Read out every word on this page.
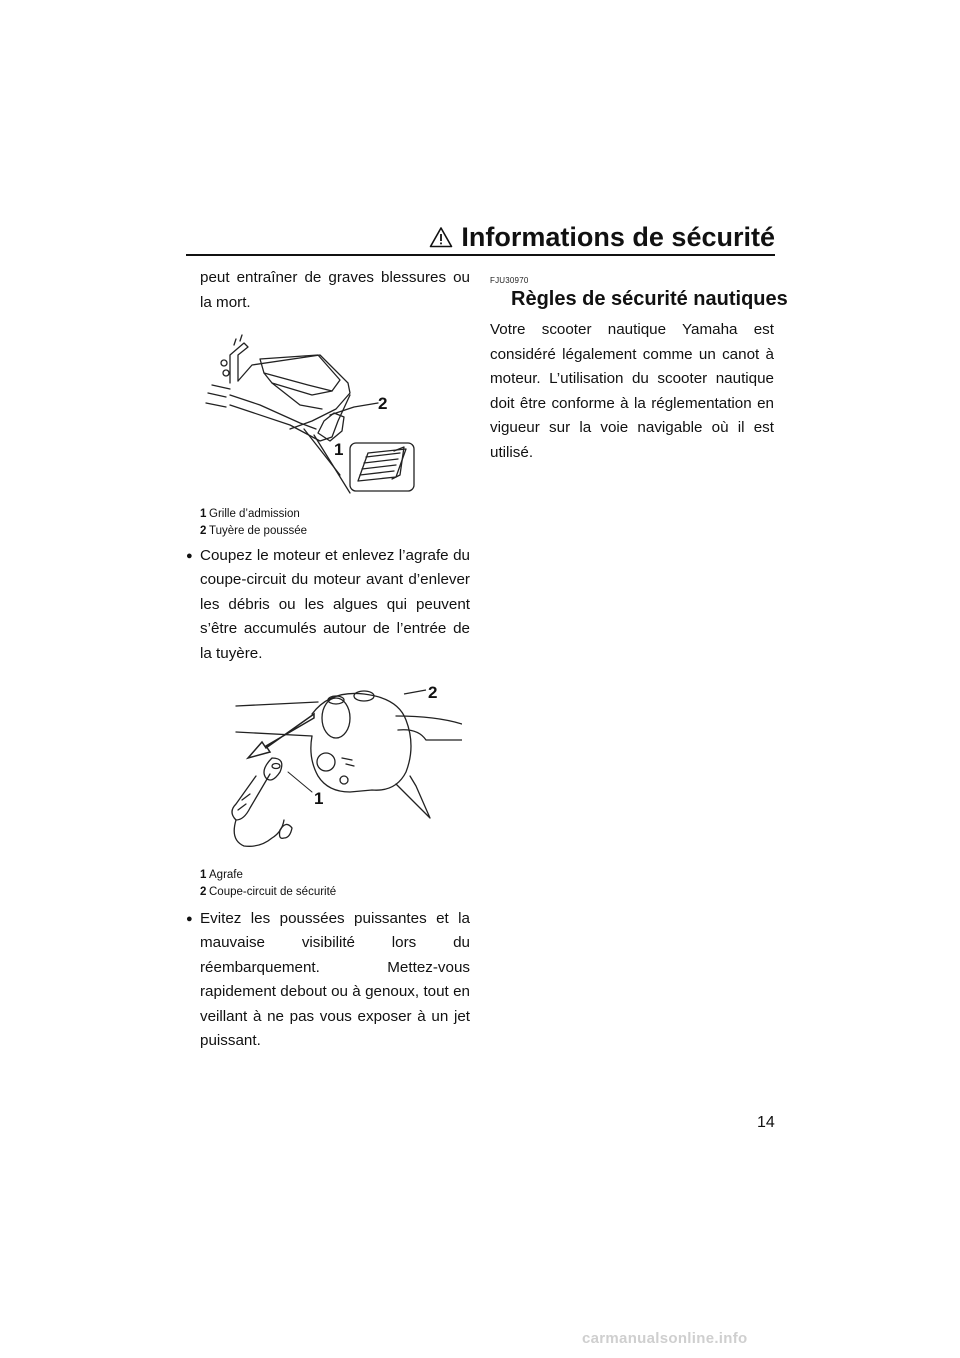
Informations de sécurité
peut entraîner de graves blessures ou la mort.
2
1
1 Grille d’admission
2 Tuyère de poussée
● Coupez le moteur et enlevez l’agrafe du coupe-circuit du moteur avant d’enlever les débris ou les algues qui peuvent s’être accumulés autour de l’entrée de la tuyère.
2
1
1 Agrafe
2 Coupe-circuit de sécurité
● Evitez les poussées puissantes et la mauvaise visibilité lors du réembarquement. Mettez-vous rapidement debout ou à genoux, tout en veillant à ne pas vous exposer à un jet puissant.
FJU30970
Règles de sécurité nautiques
Votre scooter nautique Yamaha est considéré légalement comme un canot à moteur. L’utilisation du scooter nautique doit être conforme à la réglementation en vigueur sur la voie navigable où il est utilisé.
14
carmanualsonline.info
